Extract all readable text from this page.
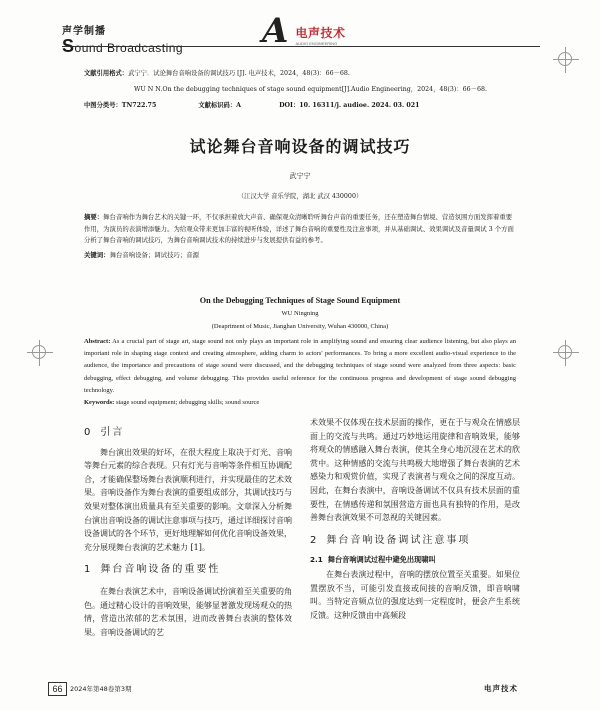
声学制播
Sound Broadcasting A 电声技术
AUDIO ENGINEERING
文献引用格式：武宁宁．试论舞台音响设备的调试技巧 [J]. 电声技术，2024，48(3)：66－68.
WU N N.On the debugging techniques of stage sound equipment[J].Audio Engineering，2024，48(3)：66－68.
中图分类号：TN722.75	文献标识码：A	DOI：10. 16311/j. audioe. 2024. 03. 021
试论舞台音响设备的调试技巧
武宁宁
（江汉大学 音乐学院，湖北 武汉 430000）
摘要：舞台音响作为舞台艺术的关键一环，不仅承担着放大声音、确保观众清晰聆听舞台声音的重要任务，还在塑造舞台情境、营造氛围方面发挥着重要作用，为演员的表演增添魅力。为给观众带来更加丰富的视听体验，详述了舞台音响的重要性及注意事项，并从基础调试、效果调试及音量调试 3 个方面分析了舞台音响的调试技巧，为舞台音响调试技术的持续进步与发展提供有益的参考。
关键词：舞台音响设备；调试技巧；音源
On the Debugging Techniques of Stage Sound Equipment
WU Ningning
(Deaprtment of Music, Jianghan University, Wuhan 430000, China)
Abstract: As a crucial part of stage art, stage sound not only plays an important role in amplifying sound and ensuring clear audience listening, but also plays an important role in shaping stage context and creating atmosphere, adding charm to actors' performances. To bring a more excellent audio-visual experience to the audience, the importance and precautions of stage sound were discussed, and the debugging techniques of stage sound were analyzed from three aspects: basic debugging, effect debugging, and volume debugging. This provides useful reference for the continuous progress and development of stage sound debugging technology.
Keywords: stage sound equipment; debugging skills; sound source
0 引言

舞台演出效果的好坏，在很大程度上取决于灯光、音响等舞台元素的综合表现。只有灯光与音响等条件相互协调配合，才能确保整场舞台表演顺利进行，并实现最佳的艺术效果。音响设备作为舞台表演的重要组成部分，其调试技巧与效果对整体演出质量具有至关重要的影响。文章深入分析舞台演出音响设备的调试注意事项与技巧，通过详细探讨音响设备调试的各个环节，更好地理解如何优化音响设备效果，充分展现舞台表演的艺术魅力 [1]。

1 舞台音响设备的重要性

在舞台表演艺术中，音响设备调试扮演着至关重要的角色。通过精心设计的音响效果，能够显著激发现场观众的热情，营造出浓郁的艺术氛围，进而改善舞台表演的整体效果。音响设备调试的艺

术效果不仅体现在技术层面的操作，更在于与观众在情感层面上的交流与共鸣。通过巧妙地运用旋律和音响效果，能够将观众的情感融入舞台表演，使其全身心地沉浸在艺术的欣赏中。这种情感的交流与共鸣极大地增强了舞台表演的艺术感染力和观赏价值，实现了表演者与观众之间的深度互动。因此，在舞台表演中，音响设备调试不仅具有技术层面的重要性，在情感传递和氛围营造方面也具有独特的作用，是改善舞台表演效果不可忽视的关键因素。

2 舞台音响设备调试注意事项
2.1 舞台音响调试过程中避免出现啸叫

在舞台表演过程中，音响的摆放位置至关重要。如果位置摆放不当，可能引发直接或间接的音响反馈，即音响啸叫。当特定音频点位的强度达到一定程度时，便会产生系统反馈。这种反馈由中高频段

66	2024年第48卷第3期	电声技术
